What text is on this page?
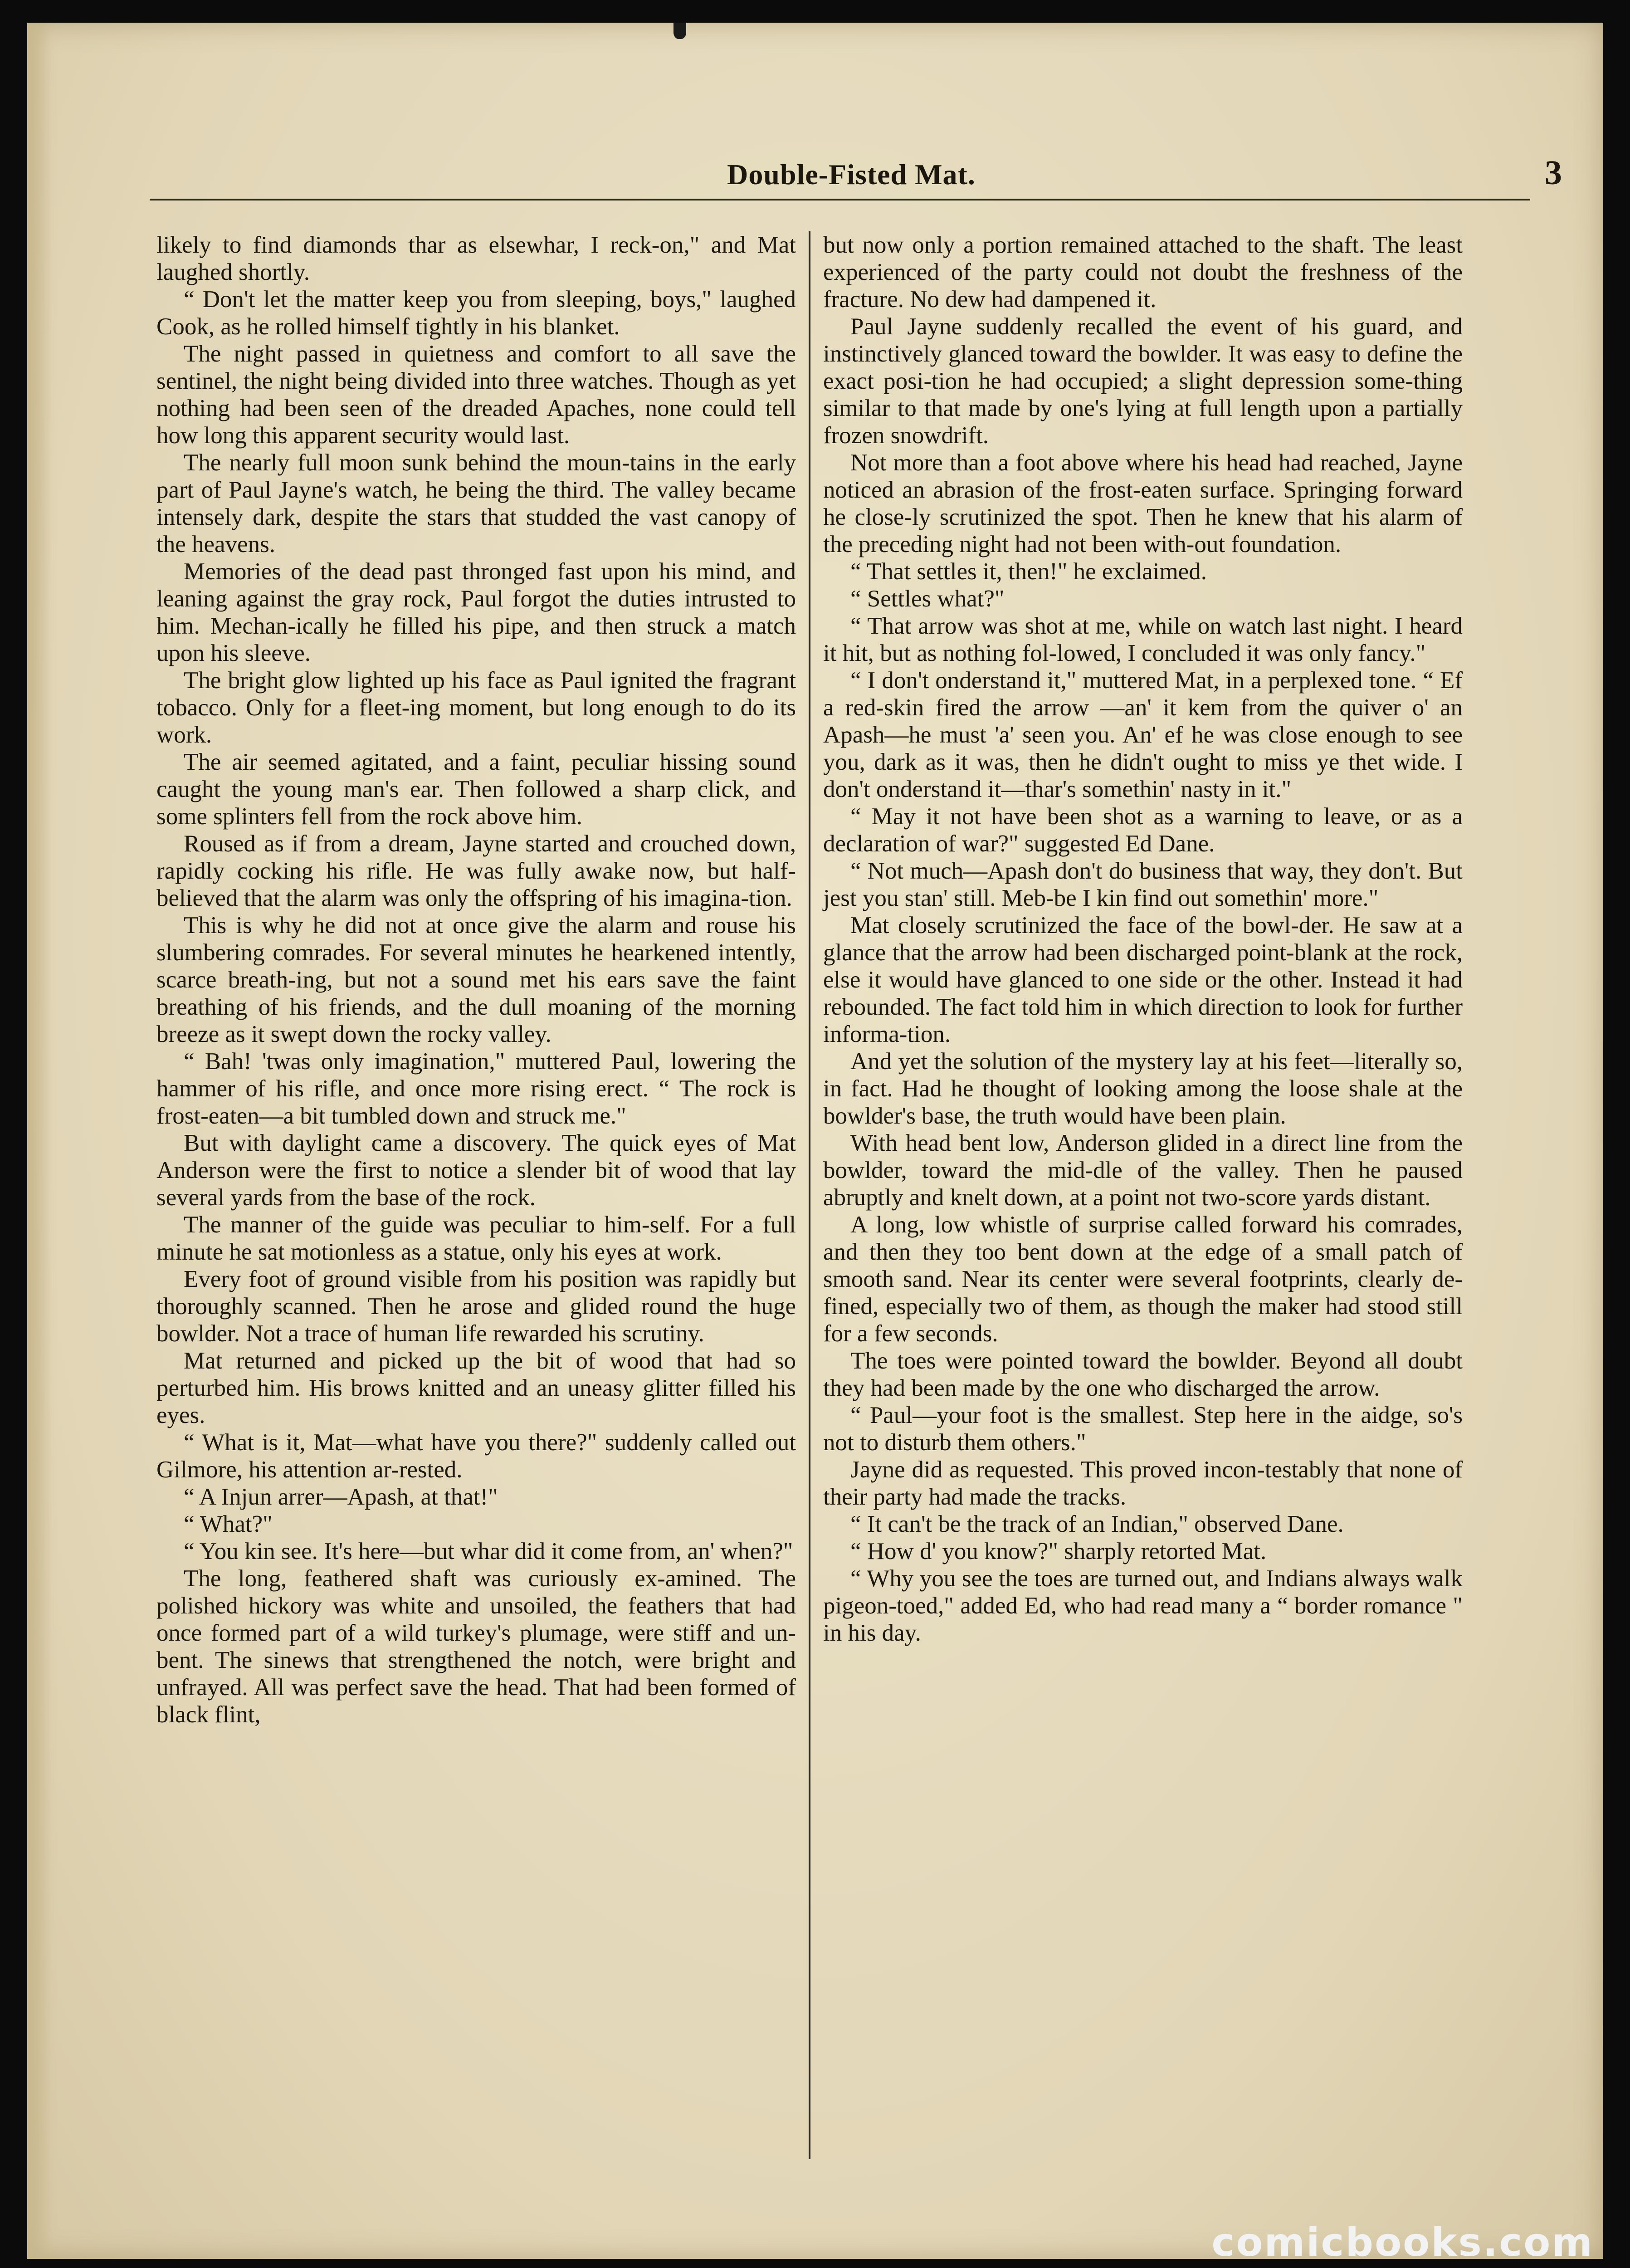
Double-Fisted Mat.	3

likely to find diamonds thar as elsewhar, I reck-on," and Mat laughed shortly.

“ Don't let the matter keep you from sleeping, boys," laughed Cook, as he rolled himself tightly in his blanket.

The night passed in quietness and comfort to all save the sentinel, the night being divided into three watches. Though as yet nothing had been seen of the dreaded Apaches, none could tell how long this apparent security would last.

The nearly full moon sunk behind the moun-tains in the early part of Paul Jayne's watch, he being the third. The valley became intensely dark, despite the stars that studded the vast canopy of the heavens.

Memories of the dead past thronged fast upon his mind, and leaning against the gray rock, Paul forgot the duties intrusted to him. Mechan-ically he filled his pipe, and then struck a match upon his sleeve.

The bright glow lighted up his face as Paul ignited the fragrant tobacco. Only for a fleet-ing moment, but long enough to do its work.

The air seemed agitated, and a faint, peculiar hissing sound caught the young man's ear. Then followed a sharp click, and some splinters fell from the rock above him.

Roused as if from a dream, Jayne started and crouched down, rapidly cocking his rifle. He was fully awake now, but half-believed that the alarm was only the offspring of his imagina-tion.

This is why he did not at once give the alarm and rouse his slumbering comrades. For several minutes he hearkened intently, scarce breath-ing, but not a sound met his ears save the faint breathing of his friends, and the dull moaning of the morning breeze as it swept down the rocky valley.

“ Bah! 'twas only imagination," muttered Paul, lowering the hammer of his rifle, and once more rising erect. “ The rock is frost-eaten—a bit tumbled down and struck me."

But with daylight came a discovery. The quick eyes of Mat Anderson were the first to notice a slender bit of wood that lay several yards from the base of the rock.

The manner of the guide was peculiar to him-self. For a full minute he sat motionless as a statue, only his eyes at work.

Every foot of ground visible from his position was rapidly but thoroughly scanned. Then he arose and glided round the huge bowlder. Not a trace of human life rewarded his scrutiny.

Mat returned and picked up the bit of wood that had so perturbed him. His brows knitted and an uneasy glitter filled his eyes.

“ What is it, Mat—what have you there?" suddenly called out Gilmore, his attention ar-rested.

“ A Injun arrer—Apash, at that!"

“ What?"

“ You kin see. It's here—but whar did it come from, an' when?"

The long, feathered shaft was curiously ex-amined. The polished hickory was white and unsoiled, the feathers that had once formed part of a wild turkey's plumage, were stiff and un-bent. The sinews that strengthened the notch, were bright and unfrayed. All was perfect save the head. That had been formed of black flint,

but now only a portion remained attached to the shaft. The least experienced of the party could not doubt the freshness of the fracture. No dew had dampened it.

Paul Jayne suddenly recalled the event of his guard, and instinctively glanced toward the bowlder. It was easy to define the exact posi-tion he had occupied; a slight depression some-thing similar to that made by one's lying at full length upon a partially frozen snowdrift.

Not more than a foot above where his head had reached, Jayne noticed an abrasion of the frost-eaten surface. Springing forward he close-ly scrutinized the spot. Then he knew that his alarm of the preceding night had not been with-out foundation.

“ That settles it, then!" he exclaimed.

“ Settles what?"

“ That arrow was shot at me, while on watch last night. I heard it hit, but as nothing fol-lowed, I concluded it was only fancy."

“ I don't onderstand it," muttered Mat, in a perplexed tone. “ Ef a red-skin fired the arrow —an' it kem from the quiver o' an Apash—he must 'a' seen you. An' ef he was close enough to see you, dark as it was, then he didn't ought to miss ye thet wide. I don't onderstand it—thar's somethin' nasty in it."

“ May it not have been shot as a warning to leave, or as a declaration of war?" suggested Ed Dane.

“ Not much—Apash don't do business that way, they don't. But jest you stan' still. Meb-be I kin find out somethin' more."

Mat closely scrutinized the face of the bowl-der. He saw at a glance that the arrow had been discharged point-blank at the rock, else it would have glanced to one side or the other. Instead it had rebounded. The fact told him in which direction to look for further informa-tion.

And yet the solution of the mystery lay at his feet—literally so, in fact. Had he thought of looking among the loose shale at the bowlder's base, the truth would have been plain.

With head bent low, Anderson glided in a direct line from the bowlder, toward the mid-dle of the valley. Then he paused abruptly and knelt down, at a point not two-score yards distant.

A long, low whistle of surprise called forward his comrades, and then they too bent down at the edge of a small patch of smooth sand. Near its center were several footprints, clearly de-fined, especially two of them, as though the maker had stood still for a few seconds.

The toes were pointed toward the bowlder. Beyond all doubt they had been made by the one who discharged the arrow.

“ Paul—your foot is the smallest. Step here in the aidge, so's not to disturb them others."

Jayne did as requested. This proved incon-testably that none of their party had made the tracks.

“ It can't be the track of an Indian," observed Dane.

“ How d' you know?" sharply retorted Mat.

“ Why you see the toes are turned out, and Indians always walk pigeon-toed," added Ed, who had read many a “ border romance " in his day.

comicbooks.com
